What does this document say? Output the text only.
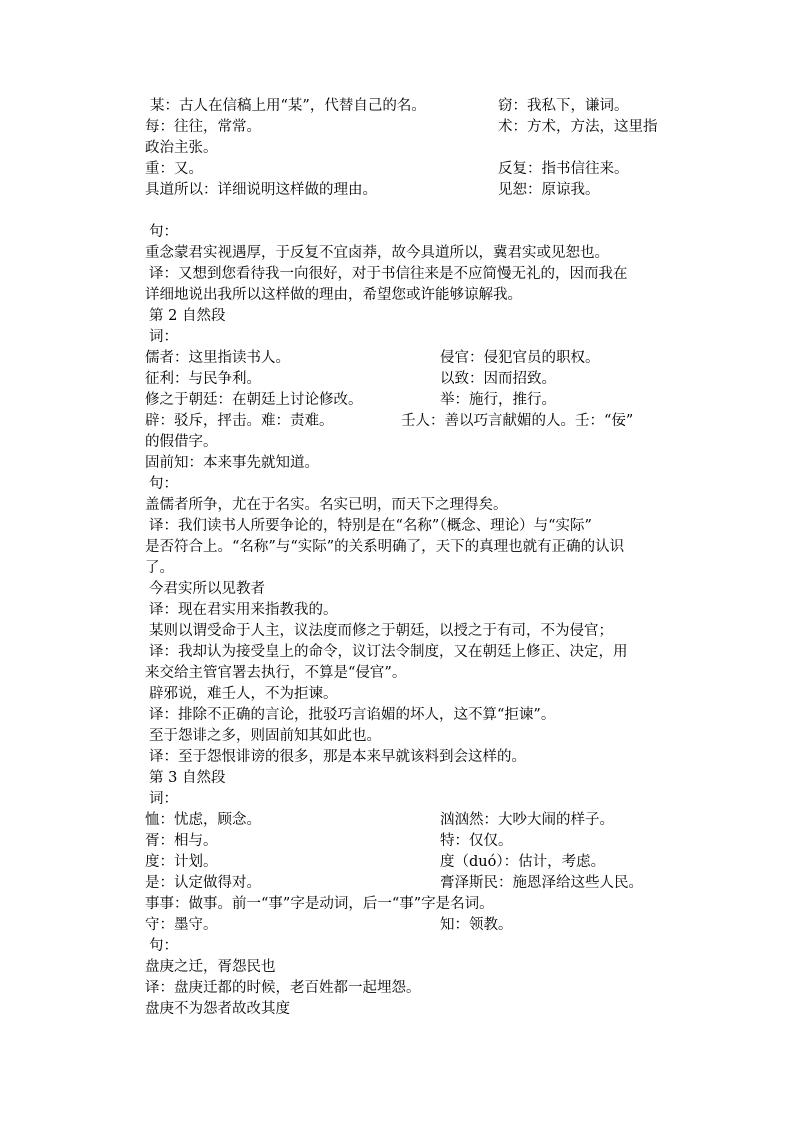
某：古人在信稿上用“某”，代替自己的名。	窃：我私下，谦词。
每：往往，常常。	术：方术，方法，这里指
政治主张。
重：又。	反复：指书信往来。
具道所以：详细说明这样做的理由。	见恕：原谅我。
句：
重念蒙君实视遇厚，于反复不宜卤莽，故今具道所以，冀君实或见恕也。
译：又想到您看待我一向很好，对于书信往来是不应简慢无礼的，因而我在
详细地说出我所以这样做的理由，希望您或许能够谅解我。
第 2 自然段
词：
儒者：这里指读书人。	侵官：侵犯官员的职权。
征利：与民争利。	以致：因而招致。
修之于朝廷：在朝廷上讨论修改。	举：施行，推行。
辟：驳斥，抨击。难：责难。	壬人：善以巧言献媚的人。壬：“佞”
的假借字。
固前知：本来事先就知道。
句：
盖儒者所争，尤在于名实。名实已明，而天下之理得矣。
译：我们读书人所要争论的，特别是在“名称”（概念、理论）与“实际”
是否符合上。“名称”与“实际”的关系明确了，天下的真理也就有正确的认识
了。
今君实所以见教者
译：现在君实用来指教我的。
某则以谓受命于人主，议法度而修之于朝廷，以授之于有司，不为侵官；
译：我却认为接受皇上的命令，议订法令制度，又在朝廷上修正、决定，用
来交给主管官署去执行，不算是“侵官”。
辟邪说，难壬人，不为拒谏。
译：排除不正确的言论，批驳巧言谄媚的坏人，这不算“拒谏”。
至于怨诽之多，则固前知其如此也。
译：至于怨恨诽谤的很多，那是本来早就该料到会这样的。
第 3 自然段
词：
恤：忧虑，顾念。	汹汹然：大吵大闹的样子。
胥：相与。	特：仅仅。
度：计划。	度（duó）：估计，考虑。
是：认定做得对。	膏泽斯民：施恩泽给这些人民。
事事：做事。前一“事”字是动词，后一“事”字是名词。
守：墨守。	知：领教。
句：
盘庚之迁，胥怨民也
译：盘庚迁都的时候，老百姓都一起埋怨。
盘庚不为怨者故改其度
